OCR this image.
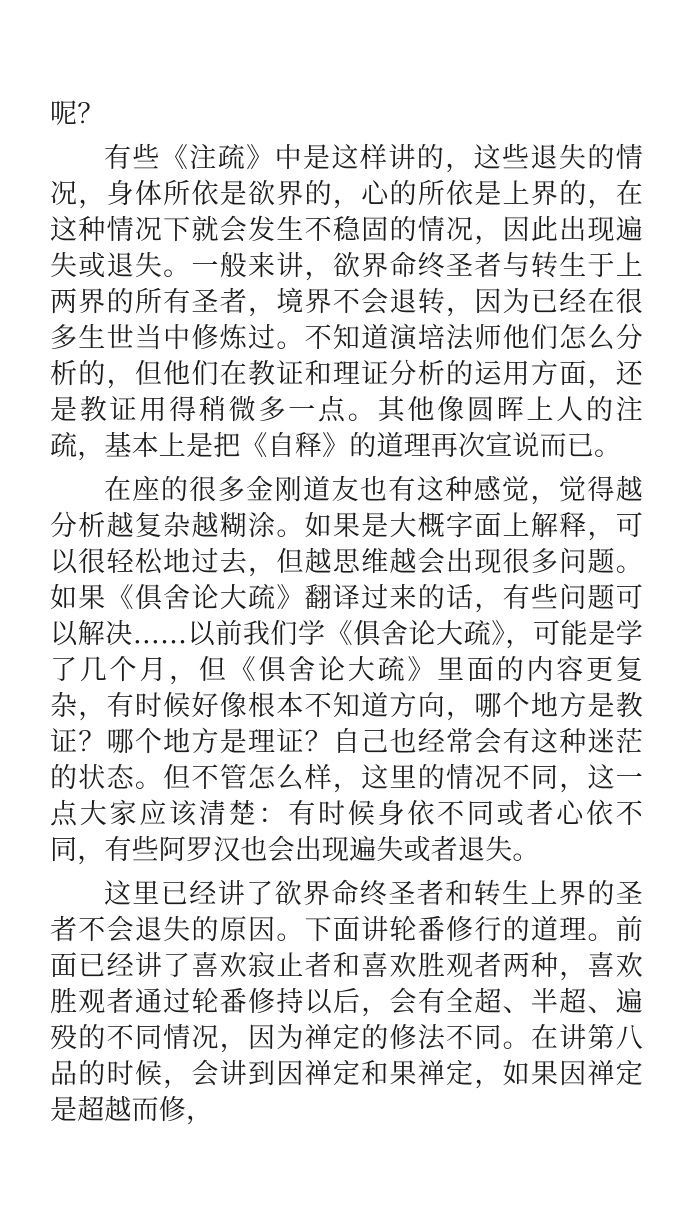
呢？

有些《注疏》中是这样讲的，这些退失的情况，身体所依是欲界的，心的所依是上界的，在这种情况下就会发生不稳固的情况，因此出现遍失或退失。一般来讲，欲界命终圣者与转生于上两界的所有圣者，境界不会退转，因为已经在很多生世当中修炼过。不知道演培法师他们怎么分析的，但他们在教证和理证分析的运用方面，还是教证用得稍微多一点。其他像圆晖上人的注疏，基本上是把《自释》的道理再次宣说而已。

在座的很多金刚道友也有这种感觉，觉得越分析越复杂越糊涂。如果是大概字面上解释，可以很轻松地过去，但越思维越会出现很多问题。如果《俱舍论大疏》翻译过来的话，有些问题可以解决……以前我们学《俱舍论大疏》，可能是学了几个月，但《俱舍论大疏》里面的内容更复杂，有时候好像根本不知道方向，哪个地方是教证？哪个地方是理证？自己也经常会有这种迷茫的状态。但不管怎么样，这里的情况不同，这一点大家应该清楚：有时候身依不同或者心依不同，有些阿罗汉也会出现遍失或者退失。

这里已经讲了欲界命终圣者和转生上界的圣者不会退失的原因。下面讲轮番修行的道理。前面已经讲了喜欢寂止者和喜欢胜观者两种，喜欢胜观者通过轮番修持以后，会有全超、半超、遍殁的不同情况，因为禅定的修法不同。在讲第八品的时候，会讲到因禅定和果禅定，如果因禅定是超越而修，
